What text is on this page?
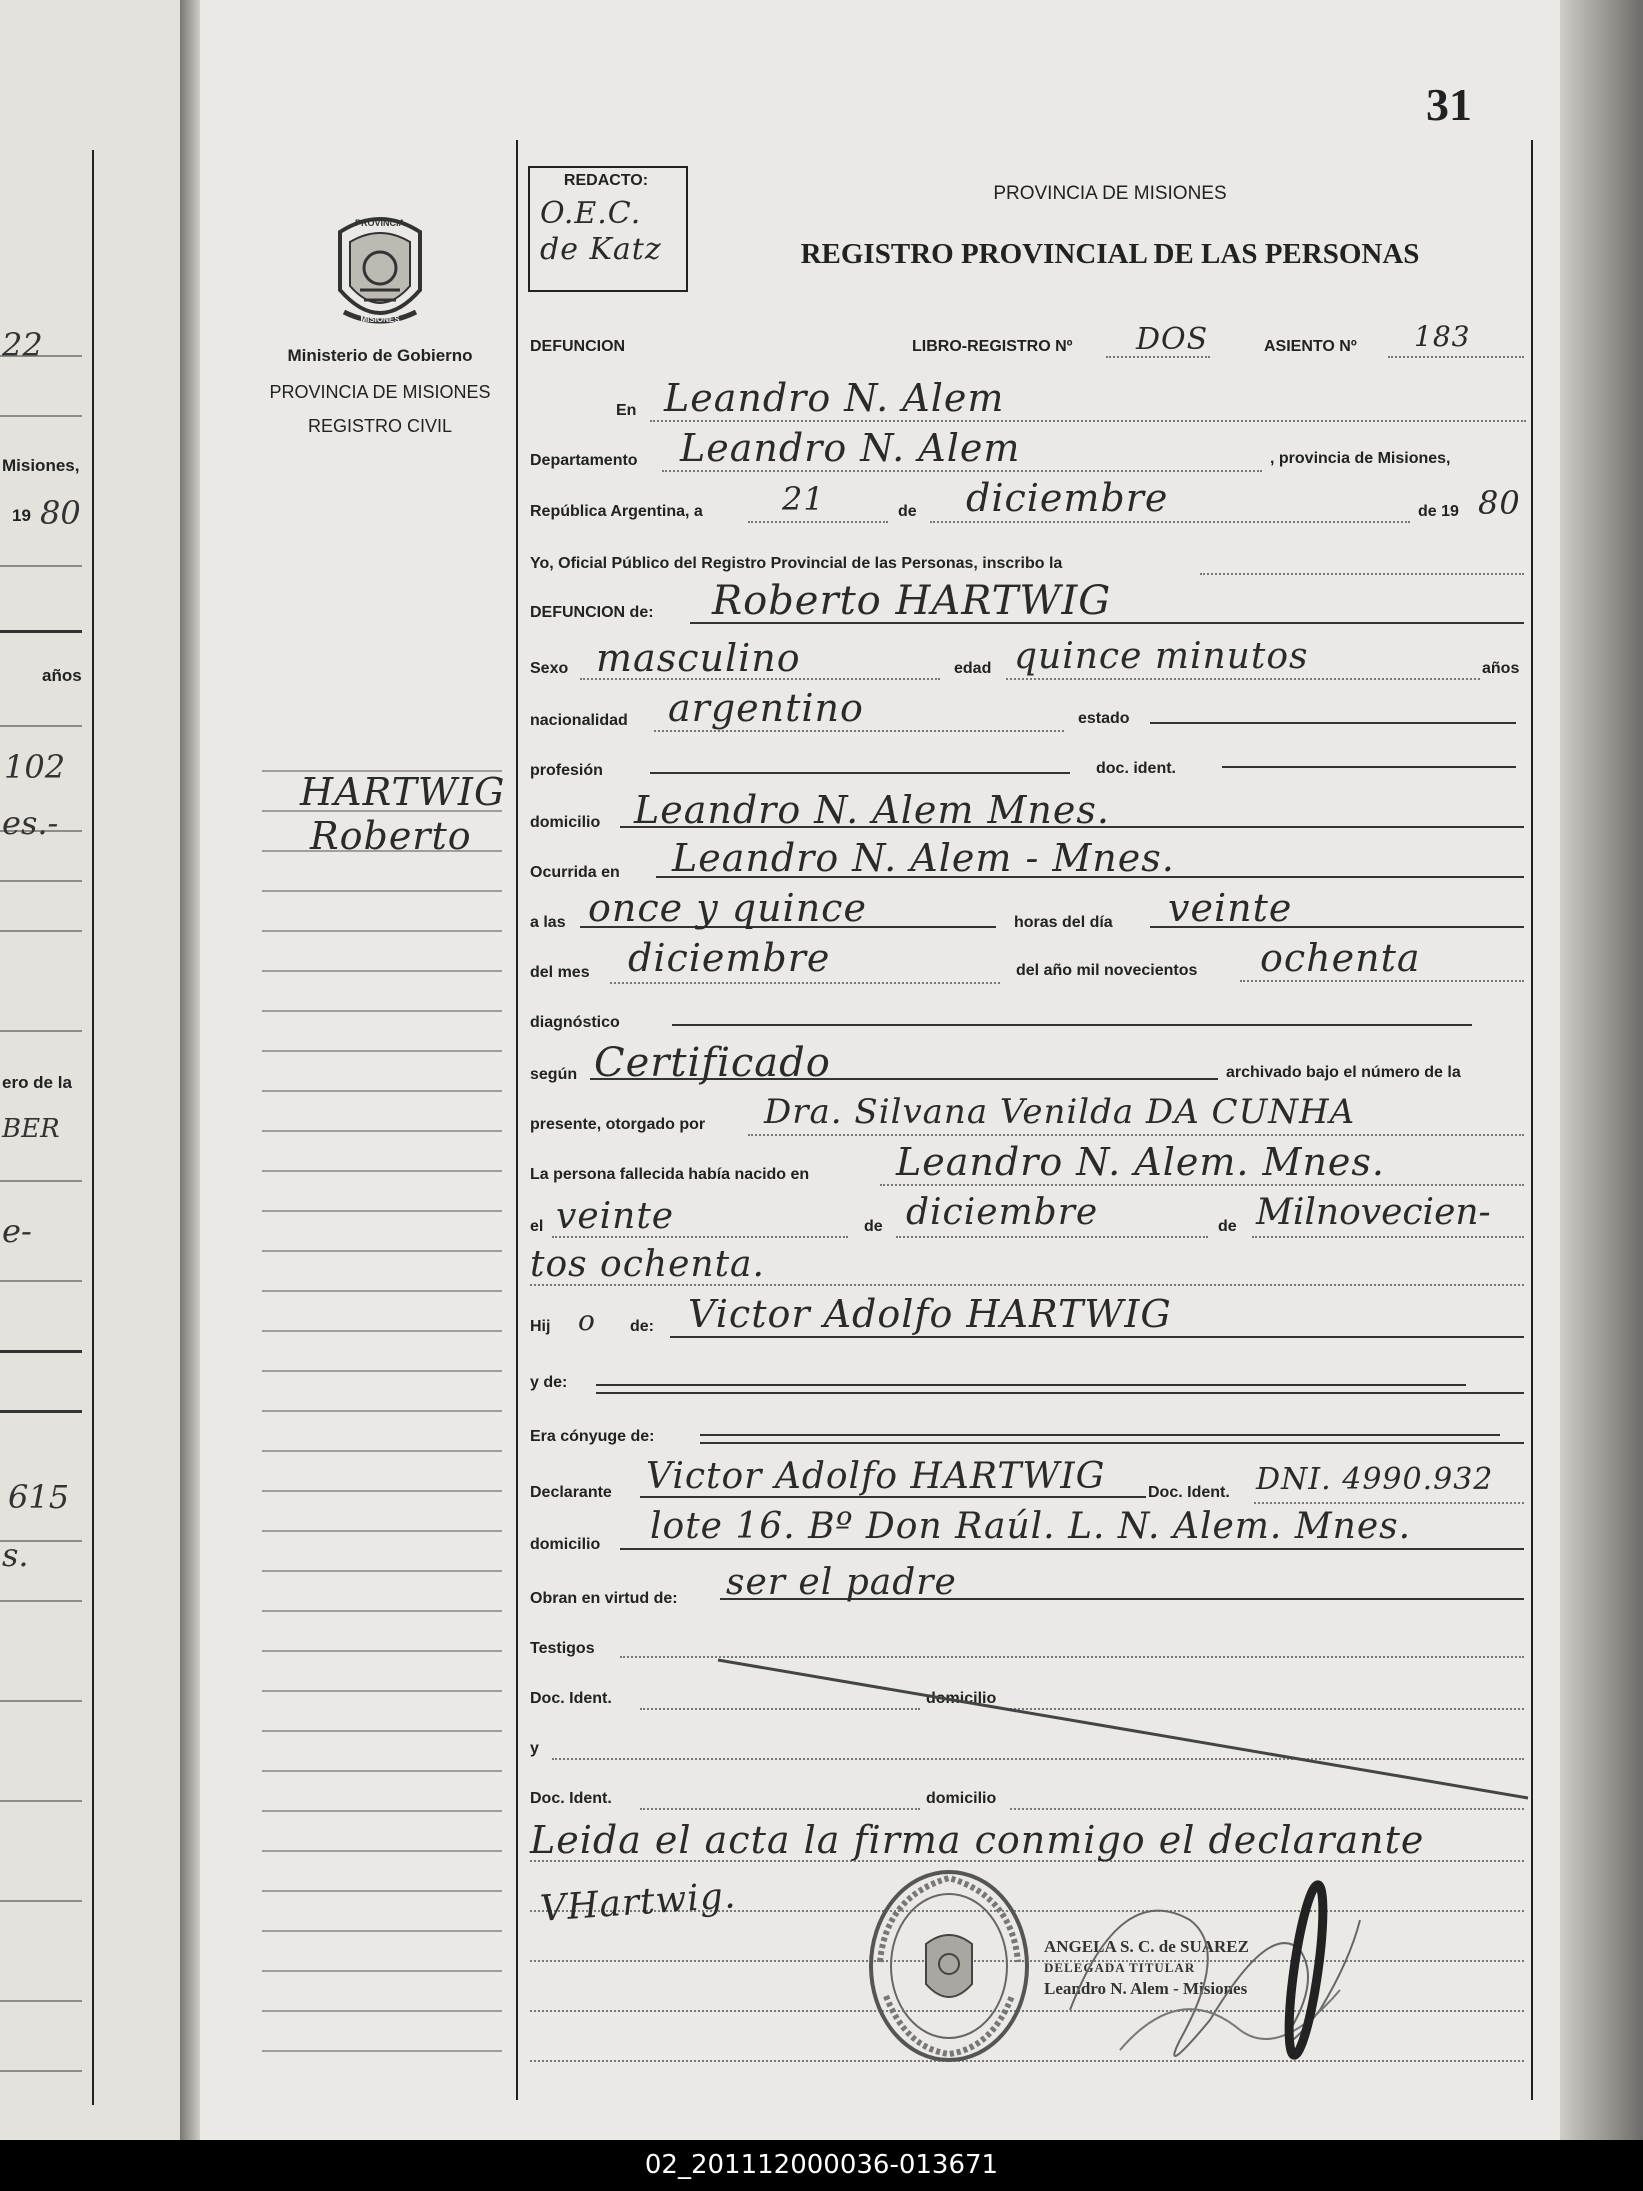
22
Misiones,
19 80
años
102
es.-
ero de la
BER
e-
615
s.
31
REDACTO:
O.E.C. de Katz
PROVINCIA
MISIONES
Ministerio de Gobierno
PROVINCIA DE MISIONES
REGISTRO CIVIL
PROVINCIA DE MISIONES
REGISTRO PROVINCIAL DE LAS PERSONAS
HARTWIG
Roberto
DEFUNCION	LIBRO-REGISTRO Nº DOS	ASIENTO Nº 183
En Leandro N. Alem
Departamento Leandro N. Alem	, provincia de Misiones,
República Argentina, a 21	de diciembre	de 19 80
Yo, Oficial Público del Registro Provincial de las Personas, inscribo la
DEFUNCION de: Roberto HARTWIG
Sexo masculino	edad quince minutos	años
nacionalidad argentino	estado
profesión	doc. ident.
domicilio Leandro N. Alem Mnes.
Ocurrida en Leandro N. Alem - Mnes.
a las once y quince	horas del día veinte
del mes diciembre	del año mil novecientos ochenta
diagnóstico
según Certificado	archivado bajo el número de la
presente, otorgado por Dra. Silvana Venilda DA CUNHA
La persona fallecida había nacido en Leandro N. Alem. Mnes.
el veinte	de diciembre	de Milnovecien-
tos ochenta.
Hij o de: Victor Adolfo HARTWIG
y de:
Era cónyuge de:
Declarante Victor Adolfo HARTWIG	Doc. Ident. DNI. 4990.932
domicilio lote 16. Bº Don Raúl. L. N. Alem. Mnes.
Obran en virtud de: ser el padre
Testigos
Doc. Ident.	domicilio
y
Doc. Ident.	domicilio
Leida el acta la firma conmigo el declarante
VHartwig.
ANGELA S. C. de SUAREZ
DELEGADA TITULAR
Leandro N. Alem - Misiones
02_201112000036-013671
